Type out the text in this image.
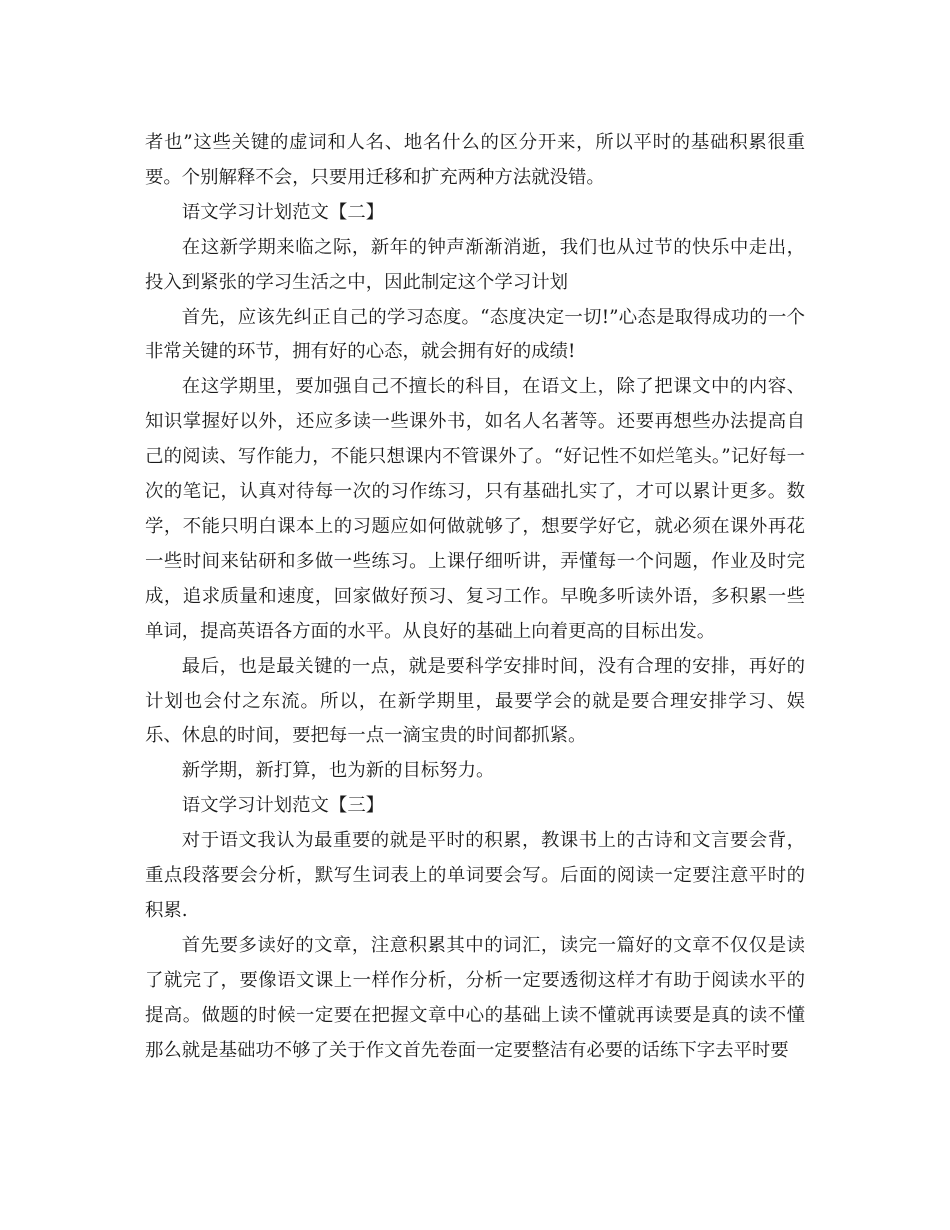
者也”这些关键的虚词和人名、地名什么的区分开来，所以平时的基础积累很重要。个别解释不会，只要用迁移和扩充两种方法就没错。

语文学习计划范文【二】

在这新学期来临之际，新年的钟声渐渐消逝，我们也从过节的快乐中走出，投入到紧张的学习生活之中，因此制定这个学习计划

首先，应该先纠正自己的学习态度。“态度决定一切!”心态是取得成功的一个非常关键的环节，拥有好的心态，就会拥有好的成绩!

在这学期里，要加强自己不擅长的科目，在语文上，除了把课文中的内容、知识掌握好以外，还应多读一些课外书，如名人名著等。还要再想些办法提高自己的阅读、写作能力，不能只想课内不管课外了。“好记性不如烂笔头。”记好每一次的笔记，认真对待每一次的习作练习，只有基础扎实了，才可以累计更多。数学，不能只明白课本上的习题应如何做就够了，想要学好它，就必须在课外再花一些时间来钻研和多做一些练习。上课仔细听讲，弄懂每一个问题，作业及时完成，追求质量和速度，回家做好预习、复习工作。早晚多听读外语，多积累一些单词，提高英语各方面的水平。从良好的基础上向着更高的目标出发。

最后，也是最关键的一点，就是要科学安排时间，没有合理的安排，再好的计划也会付之东流。所以，在新学期里，最要学会的就是要合理安排学习、娱乐、休息的时间，要把每一点一滴宝贵的时间都抓紧。

新学期，新打算，也为新的目标努力。

语文学习计划范文【三】

对于语文我认为最重要的就是平时的积累，教课书上的古诗和文言要会背，重点段落要会分析，默写生词表上的单词要会写。后面的阅读一定要注意平时的积累.

首先要多读好的文章，注意积累其中的词汇，读完一篇好的文章不仅仅是读了就完了，要像语文课上一样作分析，分析一定要透彻这样才有助于阅读水平的提高。做题的时候一定要在把握文章中心的基础上读不懂就再读要是真的读不懂那么就是基础功不够了关于作文首先卷面一定要整洁有必要的话练下字去平时要
